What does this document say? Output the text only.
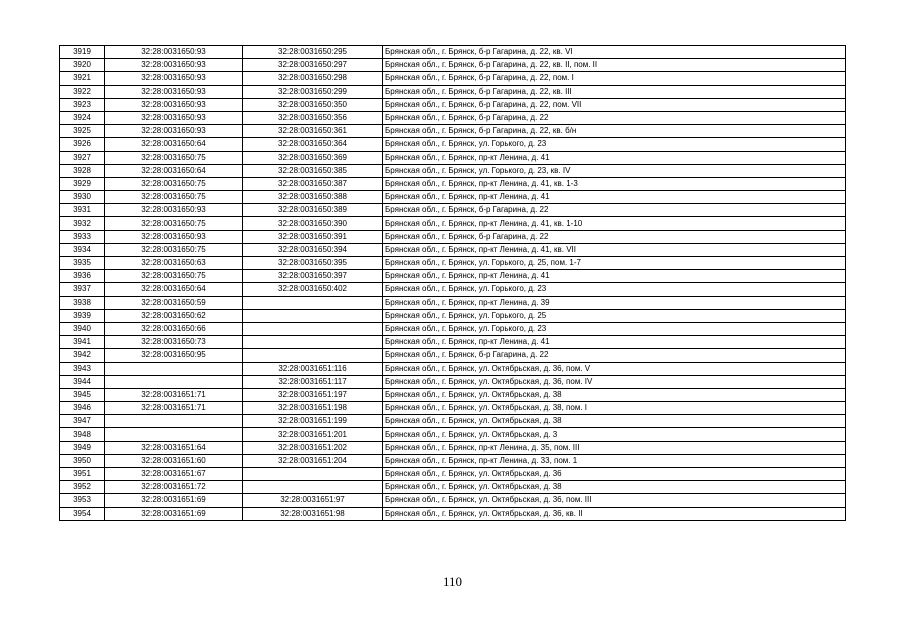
3919	32:28:0031650:93	32:28:0031650:295	Брянская обл., г. Брянск, б-р Гагарина, д. 22, кв. VI
3920	32:28:0031650:93	32:28:0031650:297	Брянская обл., г. Брянск, б-р Гагарина, д. 22, кв. II, пом. II
3921	32:28:0031650:93	32:28:0031650:298	Брянская обл., г. Брянск, б-р Гагарина, д. 22, пом. I
3922	32:28:0031650:93	32:28:0031650:299	Брянская обл., г. Брянск, б-р Гагарина, д. 22, кв. III
3923	32:28:0031650:93	32:28:0031650:350	Брянская обл., г. Брянск, б-р Гагарина, д. 22, пом. VII
3924	32:28:0031650:93	32:28:0031650:356	Брянская обл., г. Брянск, б-р Гагарина, д. 22
3925	32:28:0031650:93	32:28:0031650:361	Брянская обл., г. Брянск, б-р Гагарина, д. 22, кв. б/н
3926	32:28:0031650:64	32:28:0031650:364	Брянская обл., г. Брянск, ул. Горького, д. 23
3927	32:28:0031650:75	32:28:0031650:369	Брянская обл., г. Брянск, пр-кт Ленина, д. 41
3928	32:28:0031650:64	32:28:0031650:385	Брянская обл., г. Брянск, ул. Горького, д. 23, кв. IV
3929	32:28:0031650:75	32:28:0031650:387	Брянская обл., г. Брянск, пр-кт Ленина, д. 41, кв. 1-3
3930	32:28:0031650:75	32:28:0031650:388	Брянская обл., г. Брянск, пр-кт Ленина, д. 41
3931	32:28:0031650:93	32:28:0031650:389	Брянская обл., г. Брянск, б-р Гагарина, д. 22
3932	32:28:0031650:75	32:28:0031650:390	Брянская обл., г. Брянск, пр-кт Ленина, д. 41, кв. 1-10
3933	32:28:0031650:93	32:28:0031650:391	Брянская обл., г. Брянск, б-р Гагарина, д. 22
3934	32:28:0031650:75	32:28:0031650:394	Брянская обл., г. Брянск, пр-кт Ленина, д. 41, кв. VII
3935	32:28:0031650:63	32:28:0031650:395	Брянская обл., г. Брянск, ул. Горького, д. 25, пом. 1-7
3936	32:28:0031650:75	32:28:0031650:397	Брянская обл., г. Брянск, пр-кт Ленина, д. 41
3937	32:28:0031650:64	32:28:0031650:402	Брянская обл., г. Брянск, ул. Горького, д. 23
3938	32:28:0031650:59		Брянская обл., г. Брянск, пр-кт Ленина, д. 39
3939	32:28:0031650:62		Брянская обл., г. Брянск, ул. Горького, д. 25
3940	32:28:0031650:66		Брянская обл., г. Брянск, ул. Горького, д. 23
3941	32:28:0031650:73		Брянская обл., г. Брянск, пр-кт Ленина, д. 41
3942	32:28:0031650:95		Брянская обл., г. Брянск, б-р Гагарина, д. 22
3943		32:28:0031651:116	Брянская обл., г. Брянск, ул. Октябрьская, д. 36, пом. V
3944		32:28:0031651:117	Брянская обл., г. Брянск, ул. Октябрьская, д. 36, пом. IV
3945	32:28:0031651:71	32:28:0031651:197	Брянская обл., г. Брянск, ул. Октябрьская, д. 38
3946	32:28:0031651:71	32:28:0031651:198	Брянская обл., г. Брянск, ул. Октябрьская, д. 38, пом. I
3947		32:28:0031651:199	Брянская обл., г. Брянск, ул. Октябрьская, д. 38
3948		32:28:0031651:201	Брянская обл., г. Брянск, ул. Октябрьская, д. 3
3949	32:28:0031651:64	32:28:0031651:202	Брянская обл., г. Брянск, пр-кт Ленина, д. 35, пом. III
3950	32:28:0031651:60	32:28:0031651:204	Брянская обл., г. Брянск, пр-кт Ленина, д. 33, пом. 1
3951	32:28:0031651:67		Брянская обл., г. Брянск, ул. Октябрьская, д. 36
3952	32:28:0031651:72		Брянская обл., г. Брянск, ул. Октябрьская, д. 38
3953	32:28:0031651:69	32:28:0031651:97	Брянская обл., г. Брянск, ул. Октябрьская, д. 36, пом. III
3954	32:28:0031651:69	32:28:0031651:98	Брянская обл., г. Брянск, ул. Октябрьская, д. 36, кв. II
110
